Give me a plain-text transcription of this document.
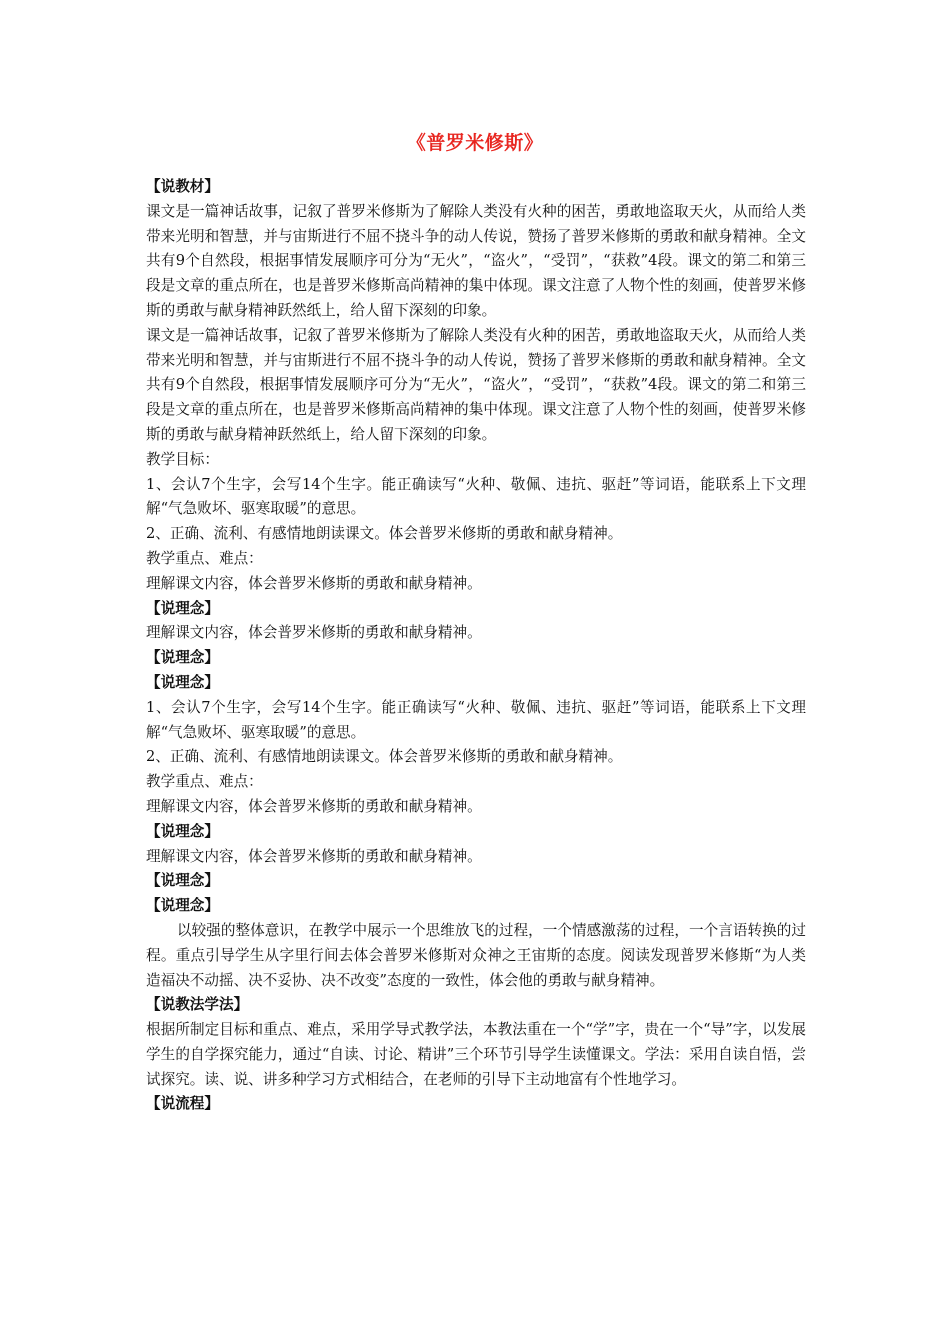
《普罗米修斯》

【说教材】

课文是一篇神话故事，记叙了普罗米修斯为了解除人类没有火种的困苦，勇敢地盗取天火，从而给人类带来光明和智慧，并与宙斯进行不屈不挠斗争的动人传说，赞扬了普罗米修斯的勇敢和献身精神。全文共有9个自然段，根据事情发展顺序可分为“无火”，“盗火”，“受罚”，“获救”4段。课文的第二和第三段是文章的重点所在，也是普罗米修斯高尚精神的集中体现。课文注意了人物个性的刻画，使普罗米修斯的勇敢与献身精神跃然纸上，给人留下深刻的印象。

课文是一篇神话故事，记叙了普罗米修斯为了解除人类没有火种的困苦，勇敢地盗取天火，从而给人类带来光明和智慧，并与宙斯进行不屈不挠斗争的动人传说，赞扬了普罗米修斯的勇敢和献身精神。全文共有9个自然段，根据事情发展顺序可分为“无火”，“盗火”，“受罚”，“获救”4段。课文的第二和第三段是文章的重点所在，也是普罗米修斯高尚精神的集中体现。课文注意了人物个性的刻画，使普罗米修斯的勇敢与献身精神跃然纸上，给人留下深刻的印象。

教学目标：

1、会认7个生字，会写14个生字。能正确读写“火种、敬佩、违抗、驱赶”等词语，能联系上下文理解“气急败坏、驱寒取暖”的意思。

2、正确、流利、有感情地朗读课文。体会普罗米修斯的勇敢和献身精神。

教学重点、难点：

理解课文内容，体会普罗米修斯的勇敢和献身精神。

【说理念】

理解课文内容，体会普罗米修斯的勇敢和献身精神。

【说理念】

【说理念】

1、会认7个生字，会写14个生字。能正确读写“火种、敬佩、违抗、驱赶”等词语，能联系上下文理解“气急败坏、驱寒取暖”的意思。

2、正确、流利、有感情地朗读课文。体会普罗米修斯的勇敢和献身精神。

教学重点、难点：

理解课文内容，体会普罗米修斯的勇敢和献身精神。

【说理念】

理解课文内容，体会普罗米修斯的勇敢和献身精神。

【说理念】

【说理念】

以较强的整体意识，在教学中展示一个思维放飞的过程，一个情感激荡的过程，一个言语转换的过程。重点引导学生从字里行间去体会普罗米修斯对众神之王宙斯的态度。阅读发现普罗米修斯“为人类造福决不动摇、决不妥协、决不改变”态度的一致性，体会他的勇敢与献身精神。

【说教法学法】

根据所制定目标和重点、难点，采用学导式教学法，本教法重在一个“学”字，贵在一个“导”字，以发展学生的自学探究能力，通过“自读、讨论、精讲”三个环节引导学生读懂课文。学法：采用自读自悟，尝试探究。读、说、讲多种学习方式相结合，在老师的引导下主动地富有个性地学习。

【说流程】
